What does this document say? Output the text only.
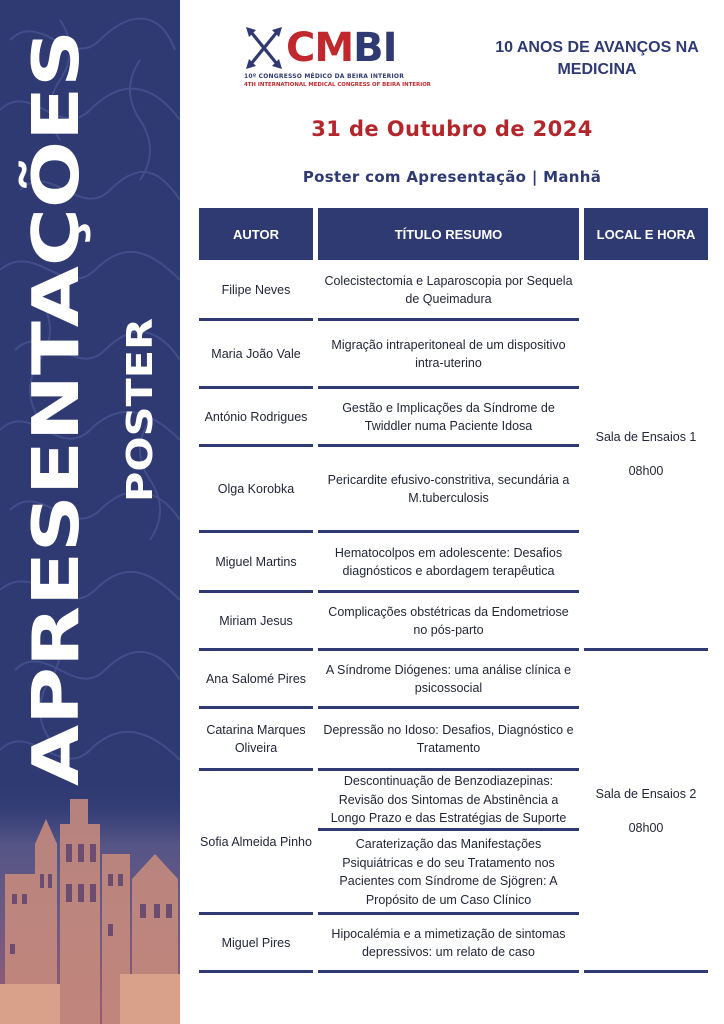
APRESENTAÇÕES POSTER
CMBI
10º CONGRESSO MÉDICO DA BEIRA INTERIOR
4TH INTERNATIONAL MEDICAL CONGRESS OF BEIRA INTERIOR
10 ANOS DE AVANÇOS NA
MEDICINA
31 de Outubro de 2024
Poster com Apresentação | Manhã
AUTOR	TÍTULO RESUMO	LOCAL E HORA
Filipe Neves
Colecistectomia e Laparoscopia por Sequela de Queimadura
Maria João Vale
Migração intraperitoneal de um dispositivo intra-uterino
António Rodrigues
Gestão e Implicações da Síndrome de Twiddler numa Paciente Idosa
Olga Korobka
Pericardite efusivo-constritiva, secundária a M.tuberculosis
Miguel Martins
Hematocolpos em adolescente: Desafios diagnósticos e abordagem terapêutica
Miriam Jesus
Complicações obstétricas da Endometriose no pós-parto
Ana Salomé Pires
A Síndrome Diógenes: uma análise clínica e psicossocial
Catarina Marques Oliveira
Depressão no Idoso: Desafios, Diagnóstico e Tratamento
Sofia Almeida Pinho
Descontinuação de Benzodiazepinas: Revisão dos Sintomas de Abstinência a Longo Prazo e das Estratégias de Suporte
Caraterização das Manifestações Psiquiátricas e do seu Tratamento nos Pacientes com Síndrome de Sjögren: A Propósito de um Caso Clínico
Miguel Pires
Hipocalémia e a mimetização de sintomas depressivos: um relato de caso
Sala de Ensaios 1
08h00
Sala de Ensaios 2
08h00
